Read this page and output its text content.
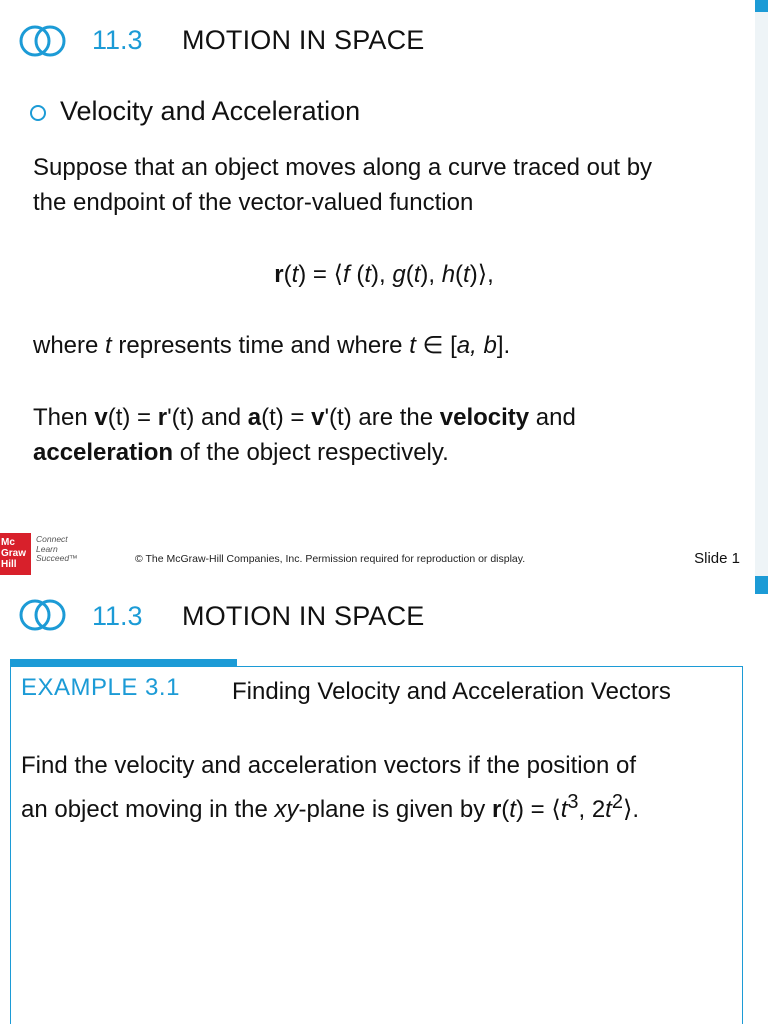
11.3 MOTION IN SPACE
Velocity and Acceleration
Suppose that an object moves along a curve traced out by
the endpoint of the vector-valued function
r(t) = ⟨f (t), g(t), h(t)⟩,
where t represents time and where t ∈ [a, b].
Then v(t) = r'(t) and a(t) = v'(t) are the velocity and
acceleration of the object respectively.
Mc
Graw
Hill
Connect
Learn
Succeed™	© The McGraw-Hill Companies, Inc. Permission required for reproduction or display.	Slide 1
11.3 MOTION IN SPACE
EXAMPLE 3.1 Finding Velocity and Acceleration Vectors
Find the velocity and acceleration vectors if the position of
an object moving in the xy-plane is given by $r(t) = ⟨t^3$, $2t^2⟩$.
